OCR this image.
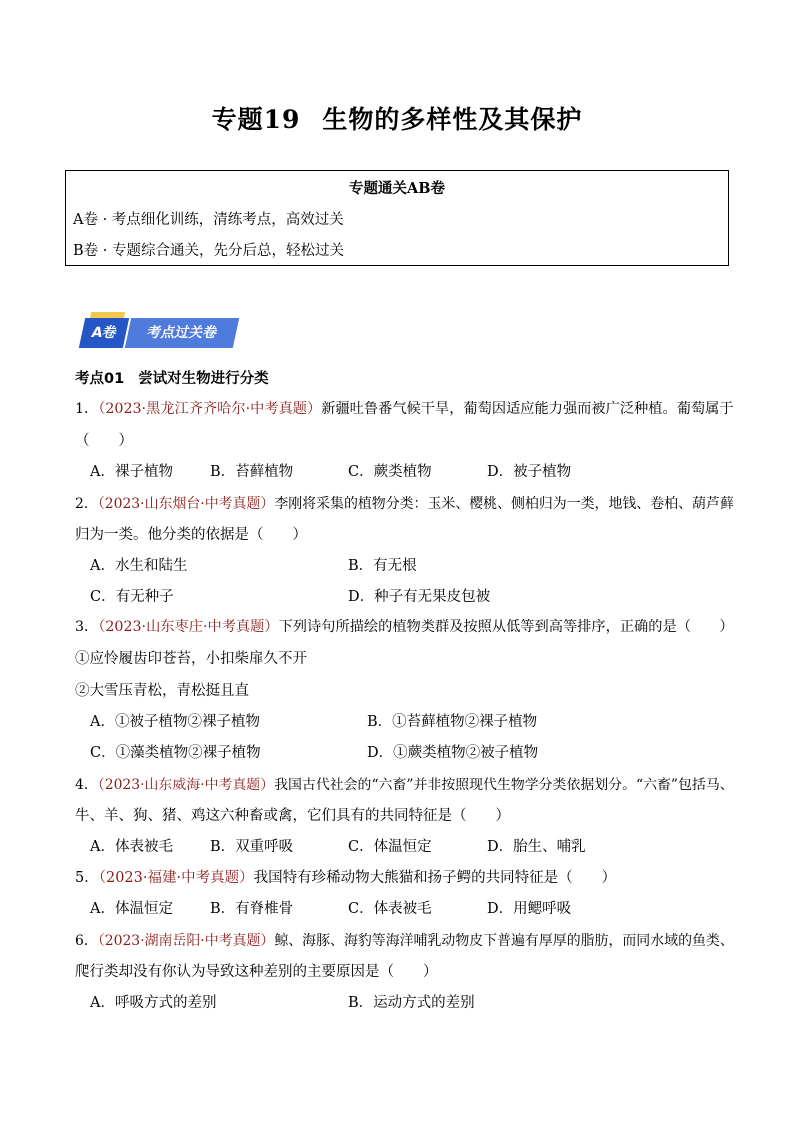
专题19 生物的多样性及其保护
专题通关AB卷
A卷 · 考点细化训练，清练考点，高效过关
B卷 · 专题综合通关，先分后总，轻松过关
A卷	考点过关卷
考点01 尝试对生物进行分类
1．（2023·黑龙江齐齐哈尔·中考真题）新疆吐鲁番气候干旱，葡萄因适应能力强而被广泛种植。葡萄属于
（　　）
A．裸子植物	B．苔藓植物	C．蕨类植物	D．被子植物
2．（2023·山东烟台·中考真题）李刚将采集的植物分类：玉米、樱桃、侧柏归为一类，地钱、卷柏、葫芦藓
归为一类。他分类的依据是（　　）
A．水生和陆生	B．有无根
C．有无种子	D．种子有无果皮包被
3．（2023·山东枣庄·中考真题）下列诗句所描绘的植物类群及按照从低等到高等排序，正确的是（　　）
①应怜履齿印苍苔，小扣柴扉久不开
②大雪压青松，青松挺且直
A．①被子植物②裸子植物	B．①苔藓植物②裸子植物
C．①藻类植物②裸子植物	D．①蕨类植物②被子植物
4．（2023·山东威海·中考真题）我国古代社会的“六畜”并非按照现代生物学分类依据划分。“六畜”包括马、
牛、羊、狗、猪、鸡这六种畜或禽，它们具有的共同特征是（　　）
A．体表被毛	B．双重呼吸	C．体温恒定	D．胎生、哺乳
5．（2023·福建·中考真题）我国特有珍稀动物大熊猫和扬子鳄的共同特征是（　　）
A．体温恒定	B．有脊椎骨	C．体表被毛	D．用鳃呼吸
6．（2023·湖南岳阳·中考真题）鲸、海豚、海豹等海洋哺乳动物皮下普遍有厚厚的脂肪，而同水域的鱼类、
爬行类却没有你认为导致这种差别的主要原因是（　　）
A．呼吸方式的差别	B．运动方式的差别
